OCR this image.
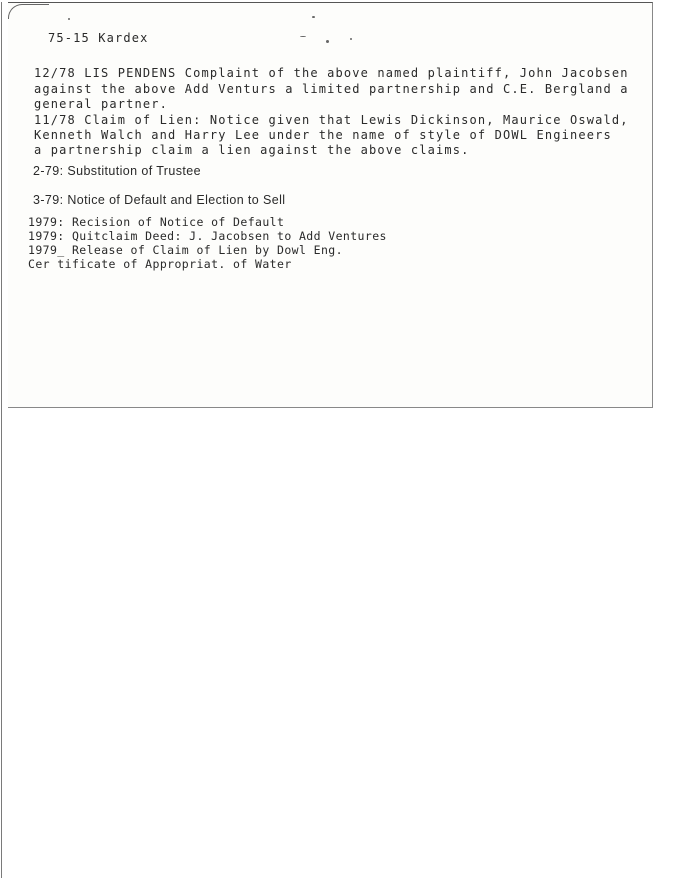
75-15 Kardex
12/78 LIS PENDENS Complaint of the above named plaintiff, John Jacobsen
against the above Add Venturs a limited partnership and C.E. Bergland a
general partner.
11/78 Claim of Lien: Notice given that Lewis Dickinson, Maurice Oswald,
Kenneth Walch and Harry Lee under the name of style of DOWL Engineers
a partnership claim a lien against the above claims.
2-79: Substitution of Trustee
3-79: Notice of Default and Election to Sell
1979: Recision of Notice of Default
1979: Quitclaim Deed: J. Jacobsen to Add Ventures
1979_ Release of Claim of Lien by Dowl Eng.
Cer tificate of Appropriat. of Water
